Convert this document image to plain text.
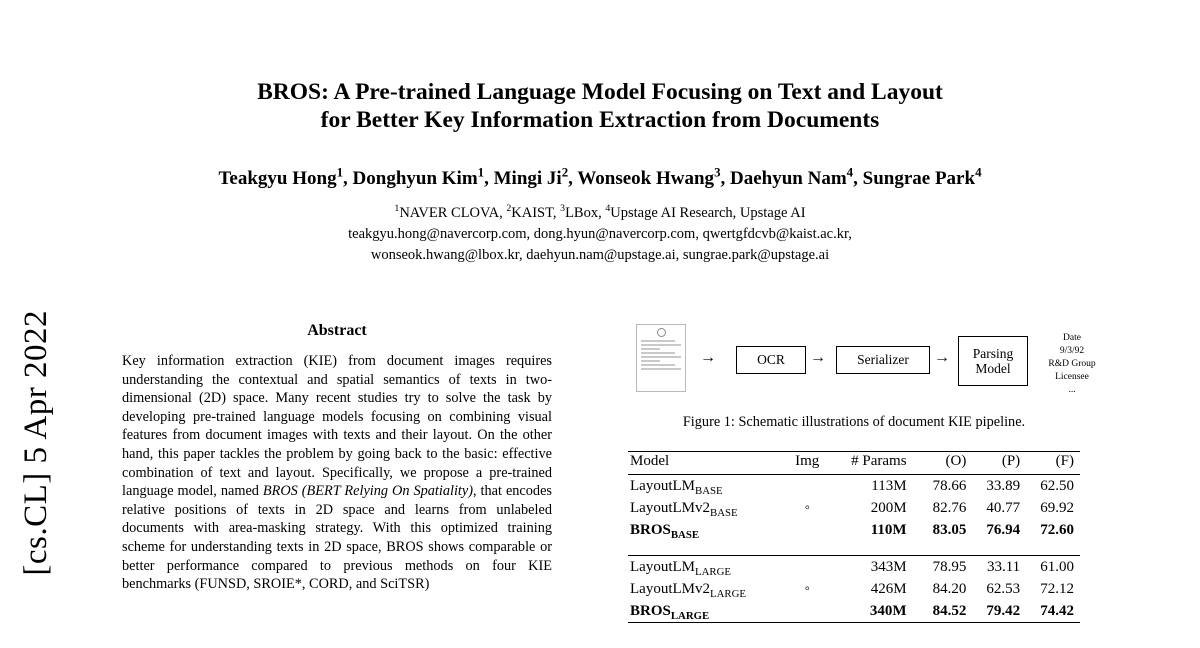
[cs.CL] 5 Apr 2022
BROS: A Pre-trained Language Model Focusing on Text and Layout
for Better Key Information Extraction from Documents
Teakgyu Hong$^1$, Donghyun Kim$^1$, Mingi Ji$^2$, Wonseok Hwang$^3$, Daehyun Nam$^4$, Sungrae Park$^4$
$^1$NAVER CLOVA, $^2$KAIST, $^3$LBox, $^4$Upstage AI Research, Upstage AI
teakgyu.hong@navercorp.com, dong.hyun@navercorp.com, qwertgfdcvb@kaist.ac.kr,
wonseok.hwang@lbox.kr, daehyun.nam@upstage.ai, sungrae.park@upstage.ai
Abstract
Key information extraction (KIE) from document images requires understanding the contextual and spatial semantics of texts in two-dimensional (2D) space. Many recent studies try to solve the task by developing pre-trained language models focusing on combining visual features from document images with texts and their layout. On the other hand, this paper tackles the problem by going back to the basic: effective combination of text and layout. Specifically, we propose a pre-trained language model, named BROS (BERT Relying On Spatiality), that encodes relative positions of texts in 2D space and learns from unlabeled documents with area-masking strategy. With this optimized training scheme for understanding texts in 2D space, BROS shows comparable or better performance compared to previous methods on four KIE benchmarks (FUNSD, SROIE*, CORD, and SciTSR)
→	OCR	→	Serializer	→	Parsing Model
Date
9/3/92
R&D Group
Licensee
...
Figure 1: Schematic illustrations of document KIE pipeline.
Model	Img	# Params	(O)	(P)	(F)
LayoutLM$_{BASE}$		113M	78.66	33.89	62.50
$LayoutLMv2_{BASE}$	◦	200M	82.76	40.77	69.92
$BROS_{BASE}$		110M	83.05	76.94	72.60

LayoutLM$_{LARGE}$		343M	78.95	33.11	61.00
$LayoutLMv2_{LARGE}$	◦	426M	84.20	62.53	72.12
$BROS_{LARGE}$		340M	84.52	79.42	74.42
